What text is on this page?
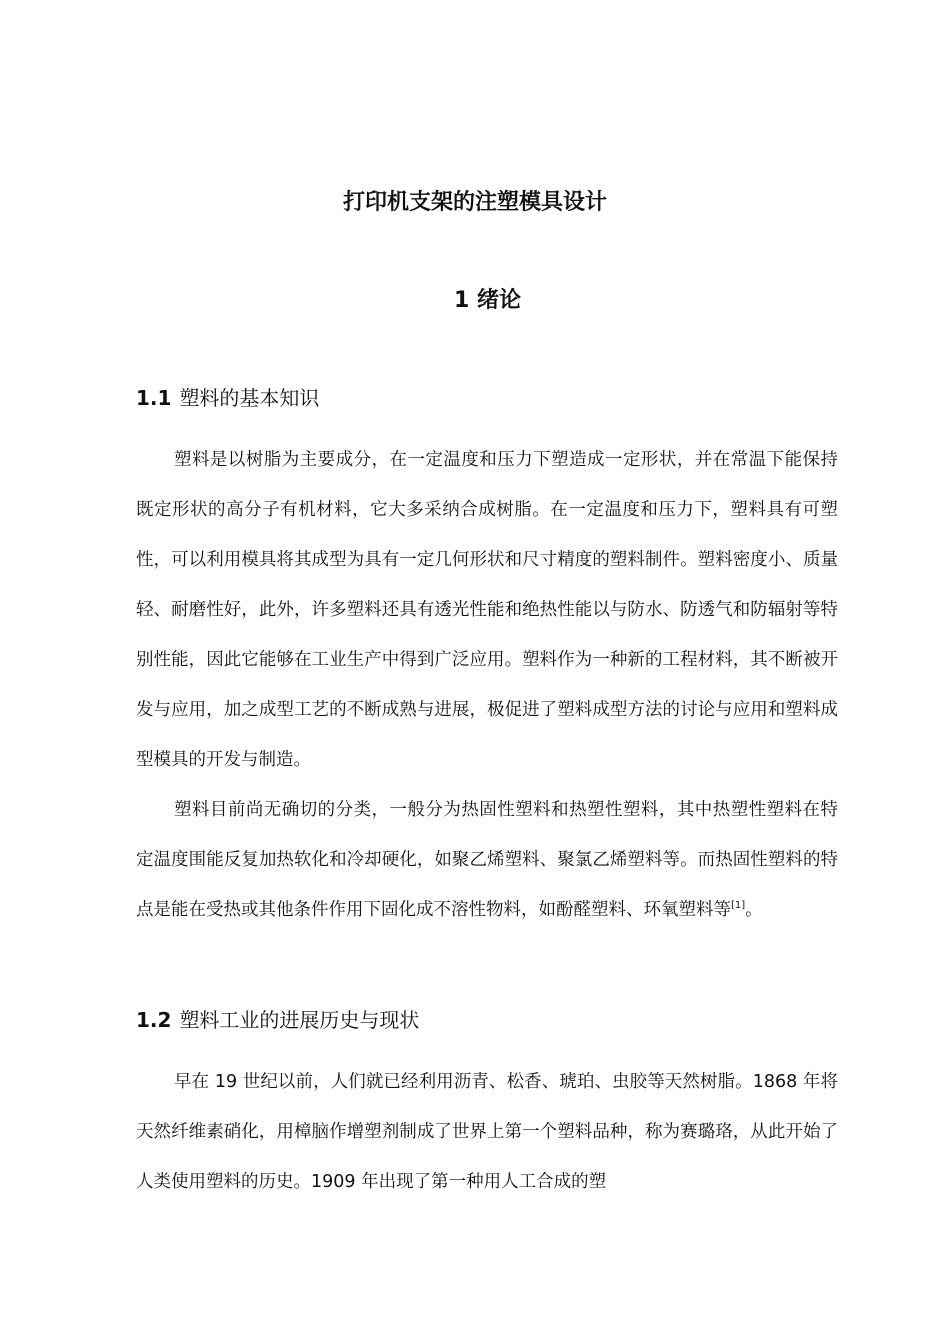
打印机支架的注塑模具设计
1 绪论
1.1 塑料的基本知识

塑料是以树脂为主要成分，在一定温度和压力下塑造成一定形状，并在常温下能保持既定形状的高分子有机材料，它大多采纳合成树脂。在一定温度和压力下，塑料具有可塑性，可以利用模具将其成型为具有一定几何形状和尺寸精度的塑料制件。塑料密度小、质量轻、耐磨性好，此外，许多塑料还具有透光性能和绝热性能以与防水、防透气和防辐射等特别性能，因此它能够在工业生产中得到广泛应用。塑料作为一种新的工程材料，其不断被开发与应用，加之成型工艺的不断成熟与进展，极促进了塑料成型方法的讨论与应用和塑料成型模具的开发与制造。

塑料目前尚无确切的分类，一般分为热固性塑料和热塑性塑料，其中热塑性塑料在特定温度围能反复加热软化和冷却硬化，如聚乙烯塑料、聚氯乙烯塑料等。而热固性塑料的特点是能在受热或其他条件作用下固化成不溶性物料，如酚醛塑料、环氧塑料等[1]。

1.2 塑料工业的进展历史与现状

早在 19 世纪以前，人们就已经利用沥青、松香、琥珀、虫胶等天然树脂。1868 年将天然纤维素硝化，用樟脑作增塑剂制成了世界上第一个塑料品种，称为赛璐珞，从此开始了人类使用塑料的历史。1909 年出现了第一种用人工合成的塑
